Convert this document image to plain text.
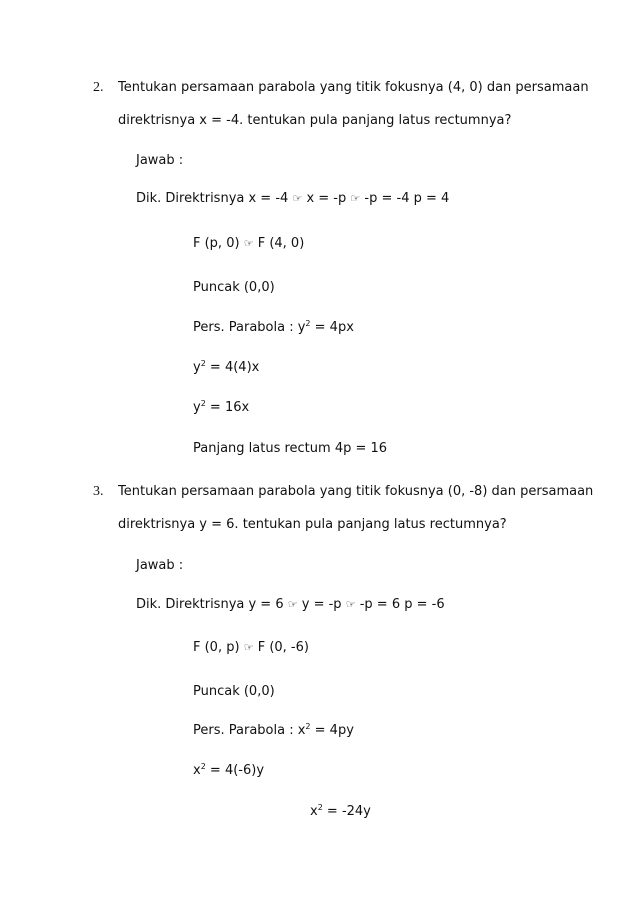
2. Tentukan persamaan parabola yang titik fokusnya (4, 0) dan persamaan
direktrisnya x = -4. tentukan pula panjang latus rectumnya?
Jawab :
Dik. Direktrisnya x = -4 ☞ x = -p ☞ -p = -4 p = 4
F (p, 0) ☞ F (4, 0)
Puncak (0,0)
Pers. Parabola : $y^2 = 4px$
$y^2 = 4(4)x$
$y^2 = 16x$
Panjang latus rectum 4p = 16
3. Tentukan persamaan parabola yang titik fokusnya (0, -8) dan persamaan
direktrisnya y = 6. tentukan pula panjang latus rectumnya?
Jawab :
Dik. Direktrisnya y = 6 ☞ y = -p ☞ -p = 6 p = -6
F (0, p) ☞ F (0, -6)
Puncak (0,0)
Pers. Parabola : $x^2 = 4py$
$x^2 = 4(-6)y$
$x^2 = -24y$
